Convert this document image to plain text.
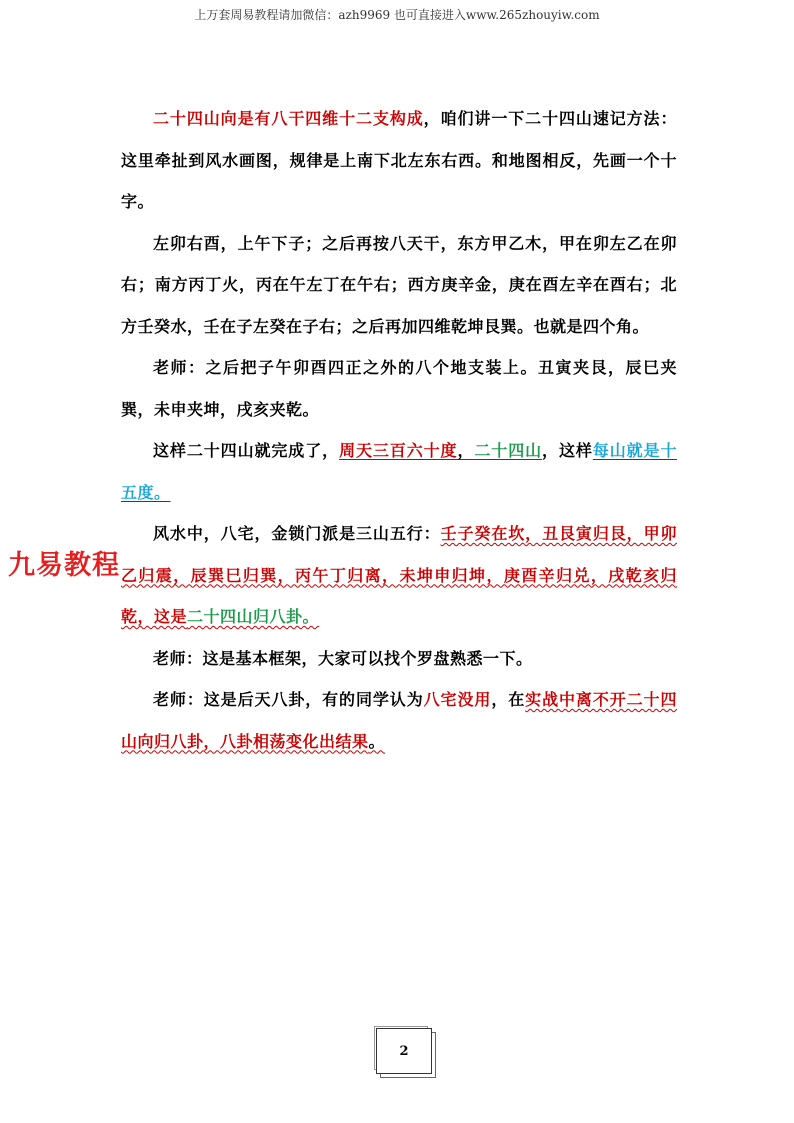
上万套周易教程请加微信：azh9969 也可直接进入www.265zhouyiw.com

二十四山向是有八干四维十二支构成，咱们讲一下二十四山速记方法：这里牵扯到风水画图，规律是上南下北左东右西。和地图相反，先画一个十字。

左卯右酉，上午下子；之后再按八天干，东方甲乙木，甲在卯左乙在卯右；南方丙丁火，丙在午左丁在午右；西方庚辛金，庚在酉左辛在酉右；北方壬癸水，壬在子左癸在子右；之后再加四维乾坤艮巽。也就是四个角。

老师：之后把子午卯酉四正之外的八个地支装上。丑寅夹艮，辰巳夹巽，未申夹坤，戌亥夹乾。

这样二十四山就完成了，周天三百六十度，二十四山，这样每山就是十五度。

风水中，八宅，金锁门派是三山五行：壬子癸在坎，丑艮寅归艮，甲卯乙归震，辰巽巳归巽，丙午丁归离，未坤申归坤，庚酉辛归兑，戌乾亥归乾，这是二十四山归八卦。

老师：这是基本框架，大家可以找个罗盘熟悉一下。

老师：这是后天八卦，有的同学认为八宅没用，在实战中离不开二十四山向归八卦，八卦相荡变化出结果。

九易教程
2
